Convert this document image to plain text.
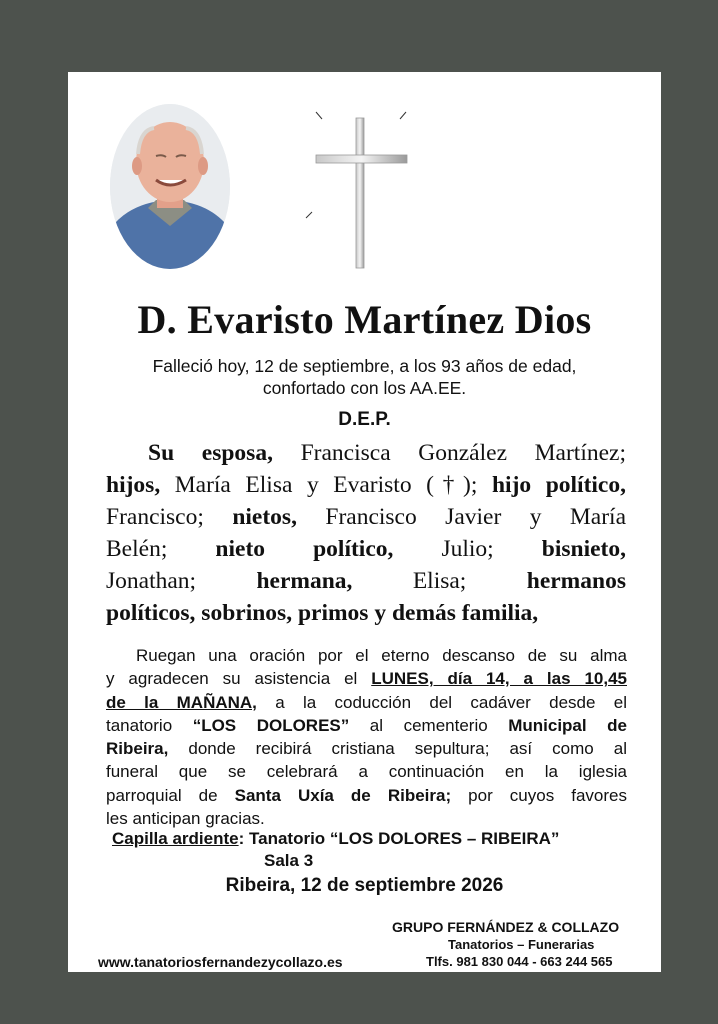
D. Evaristo Martínez Dios
Falleció hoy, 12 de septiembre, a los 93 años de edad,
confortado con los AA.EE.
D.E.P.
Su esposa, Francisca González Martínez;
hijos, María Elisa y Evaristo (†); hijo político,
Francisco; nietos, Francisco Javier y María
Belén; nieto político, Julio; bisnieto,
Jonathan; hermana, Elisa; hermanos
políticos, sobrinos, primos y demás familia,
Ruegan una oración por el eterno descanso de su alma
y agradecen su asistencia el LUNES, día 14, a las 10,45
de la MAÑANA, a la coducción del cadáver desde el
tanatorio “LOS DOLORES” al cementerio Municipal de
Ribeira, donde recibirá cristiana sepultura; así como al
funeral que se celebrará a continuación en la iglesia
parroquial de Santa Uxía de Ribeira; por cuyos favores
les anticipan gracias.
Capilla ardiente: Tanatorio “LOS DOLORES – RIBEIRA”
Sala 3
Ribeira, 12 de septiembre 2026
GRUPO FERNÁNDEZ & COLLAZO
Tanatorios – Funerarias
Tlfs. 981 830 044 - 663 244 565
www.tanatoriosfernandezycollazo.es
